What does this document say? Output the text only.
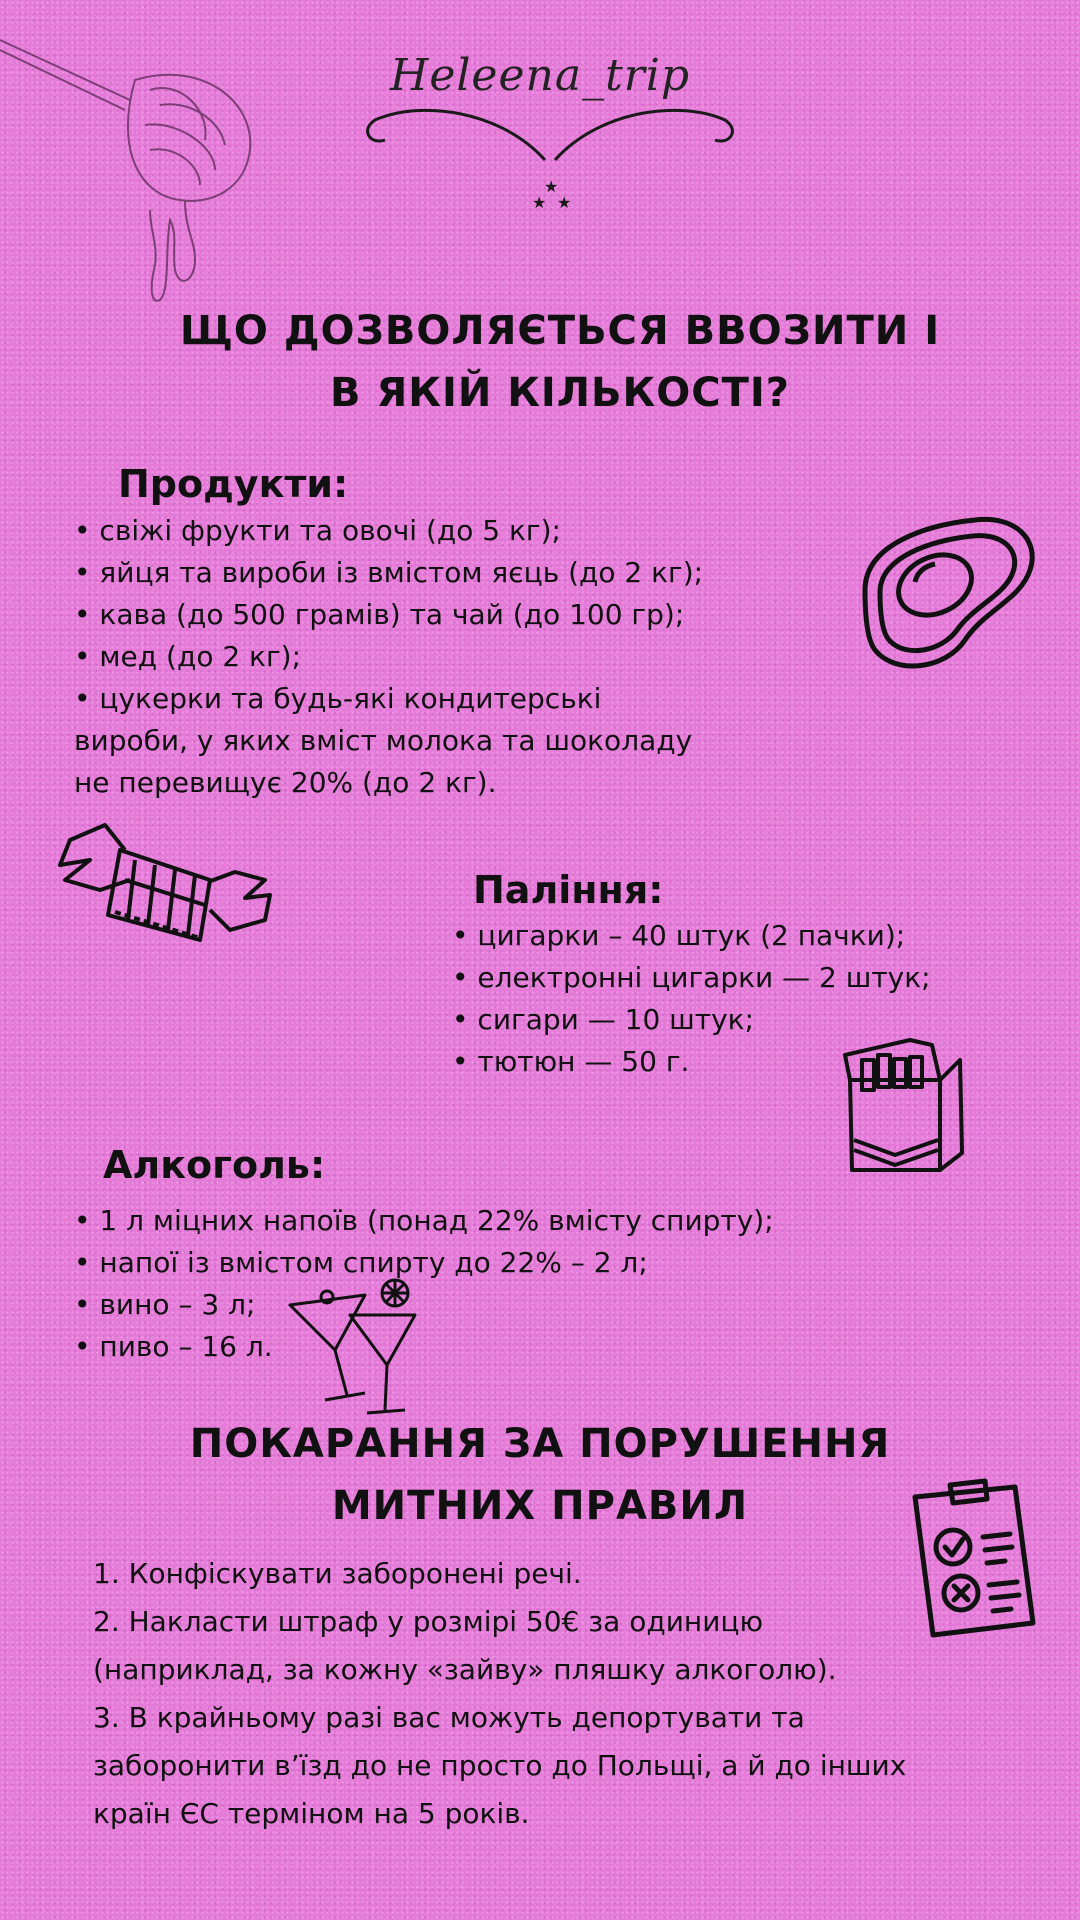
Heleena_trip
★
★ ★
ЩО ДОЗВОЛЯЄТЬСЯ ВВОЗИТИ І
В ЯКІЙ КІЛЬКОСТІ?
Продукти:
• свіжі фрукти та овочі (до 5 кг);
• яйця та вироби із вмістом яєць (до 2 кг);
• кава (до 500 грамів) та чай (до 100 гр);
• мед (до 2 кг);
• цукерки та будь-які кондитерські
вироби, у яких вміст молока та шоколаду
не перевищує 20% (до 2 кг).
Паління:
• цигарки – 40 штук (2 пачки);
• електронні цигарки — 2 штук;
• сигари — 10 штук;
• тютюн — 50 г.
Алкоголь:
• 1 л міцних напоїв (понад 22% вмісту спирту);
• напої із вмістом спирту до 22% – 2 л;
• вино – 3 л;
• пиво – 16 л.
ПОКАРАННЯ ЗА ПОРУШЕННЯ
МИТНИХ ПРАВИЛ
1. Конфіскувати заборонені речі.
2. Накласти штраф у розмірі 50€ за одиницю (наприклад, за кожну «зайву» пляшку алкоголю).
3. В крайньому разі вас можуть депортувати та заборонити в’їзд до не просто до Польщі, а й до інших країн ЄС терміном на 5 років.
